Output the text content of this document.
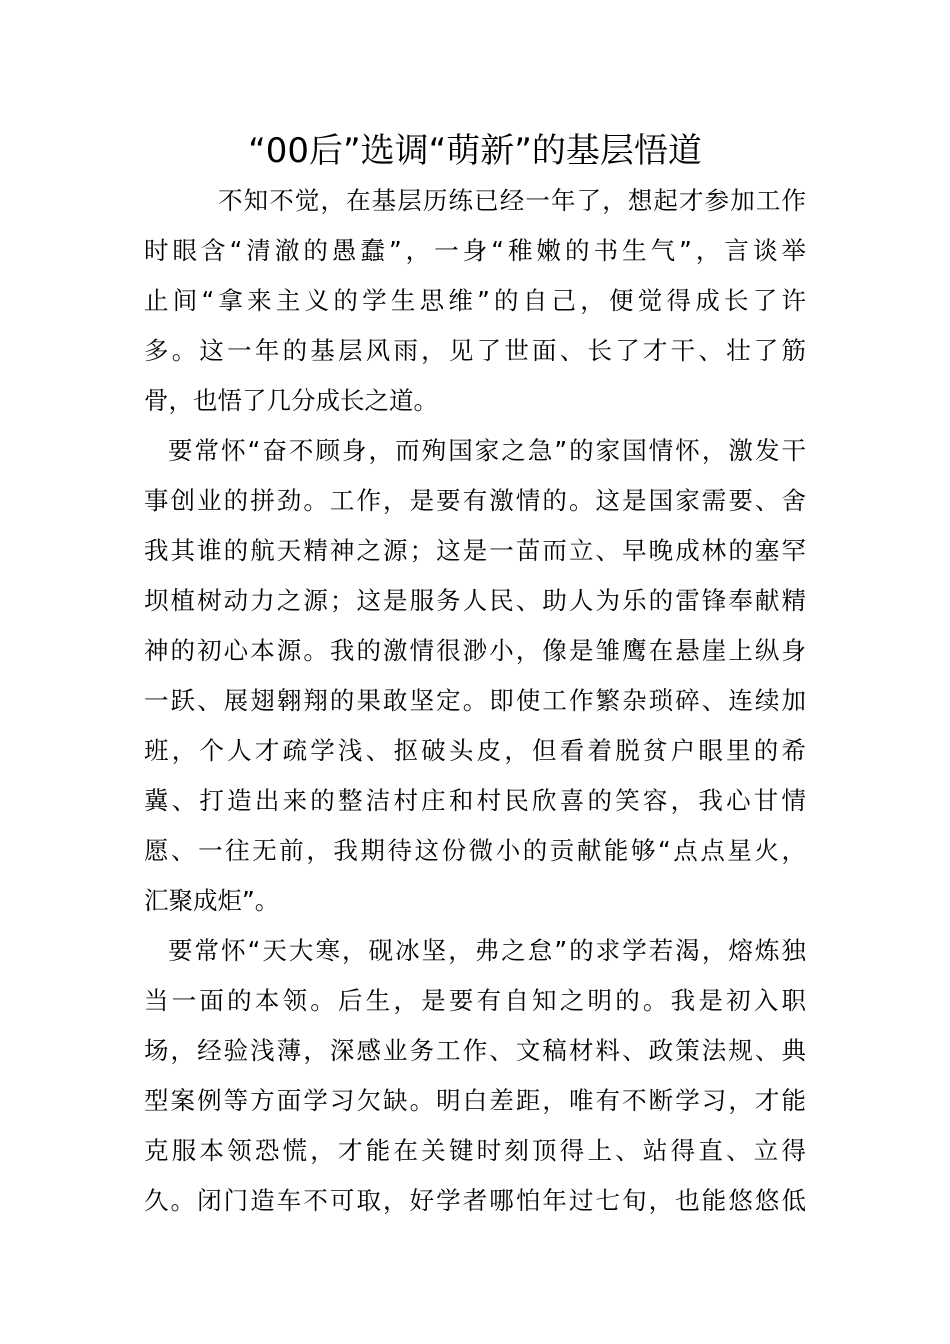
“00后”选调“萌新”的基层悟道
不知不觉，在基层历练已经一年了，想起才参加工作
时眼含“清澈的愚蠢”，一身“稚嫩的书生气”，言谈举
止间“拿来主义的学生思维”的自己，便觉得成长了许
多。这一年的基层风雨，见了世面、长了才干、壮了筋
骨，也悟了几分成长之道。
要常怀“奋不顾身，而殉国家之急”的家国情怀，激发干
事创业的拼劲。工作，是要有激情的。这是国家需要、舍
我其谁的航天精神之源；这是一苗而立、早晚成林的塞罕
坝植树动力之源；这是服务人民、助人为乐的雷锋奉献精
神的初心本源。我的激情很渺小，像是雏鹰在悬崖上纵身
一跃、展翅翱翔的果敢坚定。即使工作繁杂琐碎、连续加
班，个人才疏学浅、抠破头皮，但看着脱贫户眼里的希
冀、打造出来的整洁村庄和村民欣喜的笑容，我心甘情
愿、一往无前，我期待这份微小的贡献能够“点点星火，
汇聚成炬”。
要常怀“天大寒，砚冰坚，弗之怠”的求学若渴，熔炼独
当一面的本领。后生，是要有自知之明的。我是初入职
场，经验浅薄，深感业务工作、文稿材料、政策法规、典
型案例等方面学习欠缺。明白差距，唯有不断学习，才能
克服本领恐慌，才能在关键时刻顶得上、站得直、立得
久。闭门造车不可取，好学者哪怕年过七旬，也能悠悠低
